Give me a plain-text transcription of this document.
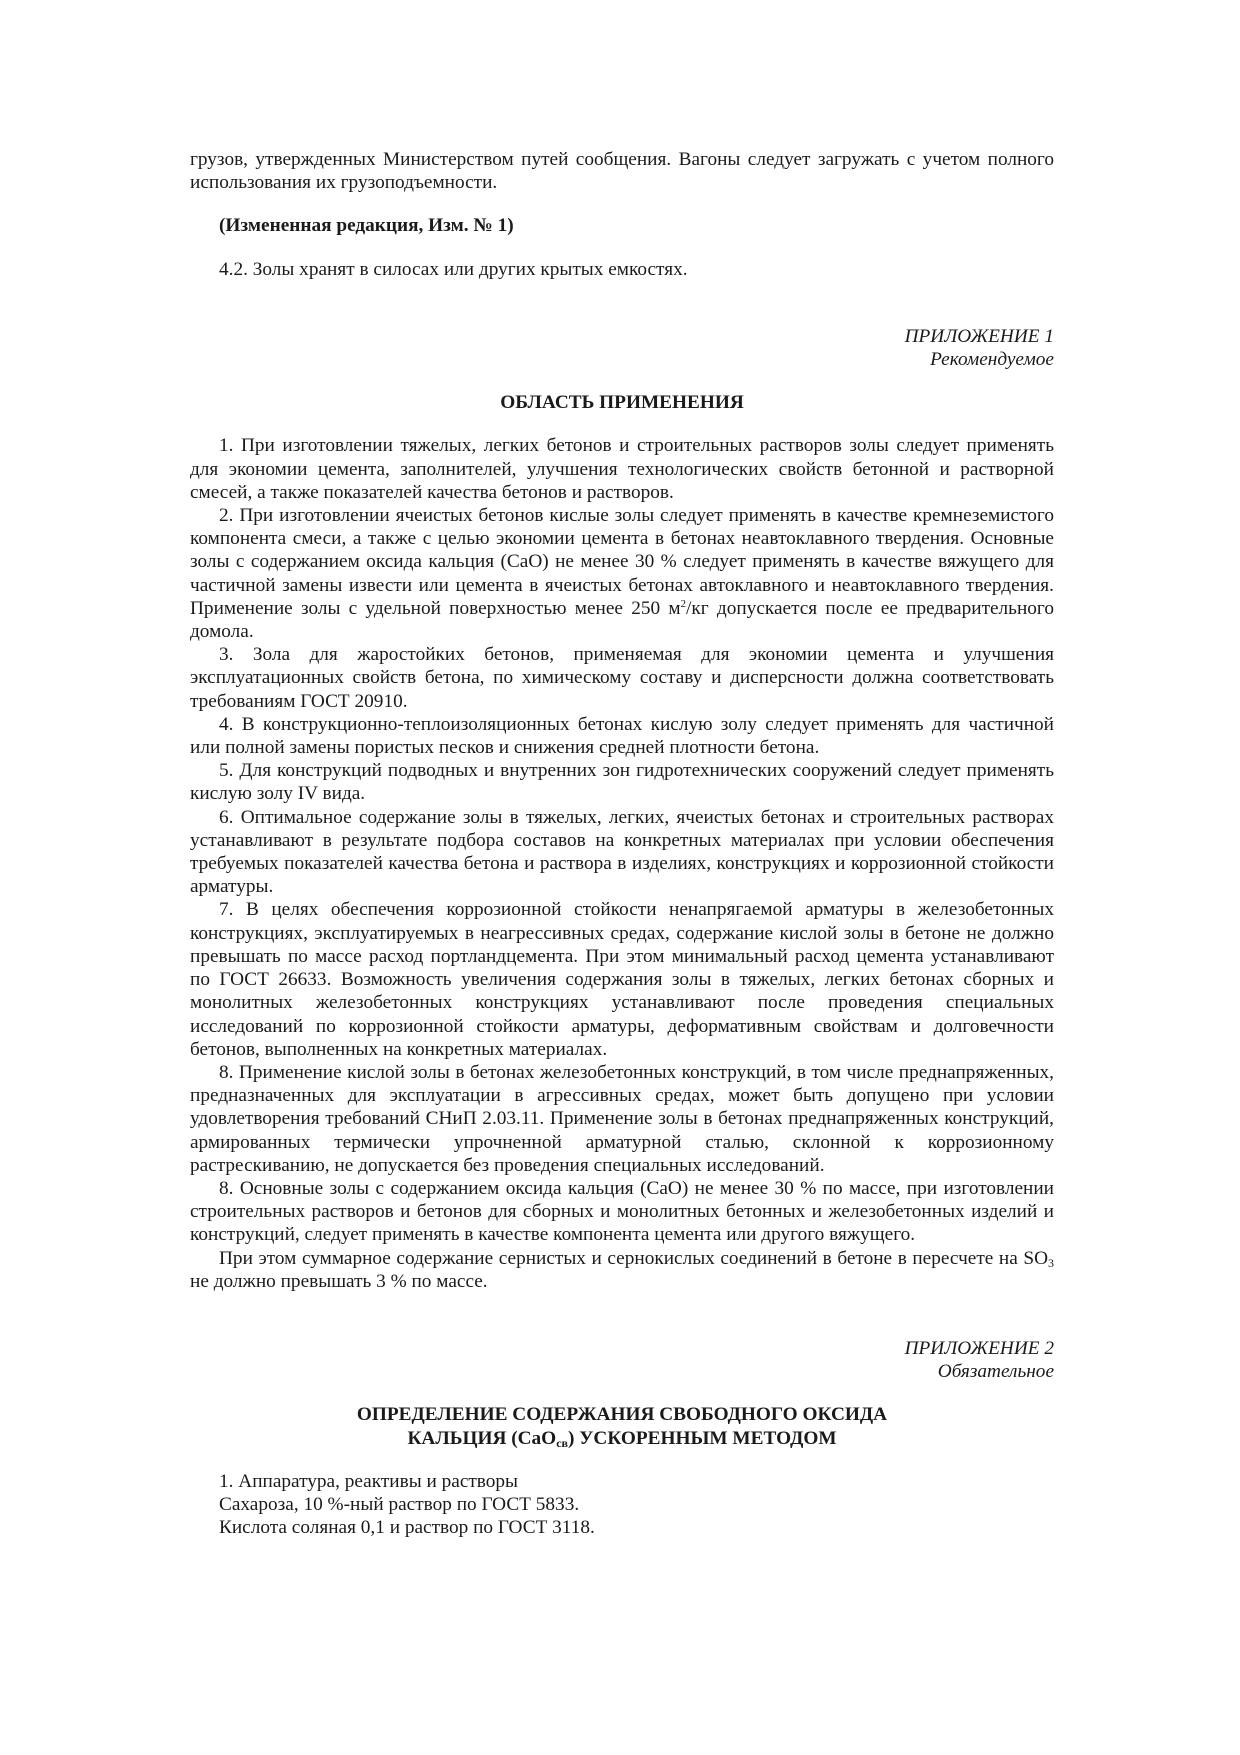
грузов, утвержденных Министерством путей сообщения. Вагоны следует загружать с учетом полного использования их грузоподъемности.

(Измененная редакция, Изм. № 1)

4.2. Золы хранят в силосах или других крытых емкостях.

ПРИЛОЖЕНИЕ 1

Рекомендуемое

ОБЛАСТЬ ПРИМЕНЕНИЯ

1. При изготовлении тяжелых, легких бетонов и строительных растворов золы следует применять для экономии цемента, заполнителей, улучшения технологических свойств бетонной и растворной смесей, а также показателей качества бетонов и растворов.

2. При изготовлении ячеистых бетонов кислые золы следует применять в качестве кремнеземистого компонента смеси, а также с целью экономии цемента в бетонах неавтоклавного твердения. Основные золы с содержанием оксида кальция (CaO) не менее 30 % следует применять в качестве вяжущего для частичной замены извести или цемента в ячеистых бетонах автоклавного и неавтоклавного твердения. Применение золы с удельной поверхностью менее 250 $м^2/кг$ допускается после ее предварительного домола.

3. Зола для жаростойких бетонов, применяемая для экономии цемента и улучшения эксплуатационных свойств бетона, по химическому составу и дисперсности должна соответствовать требованиям ГОСТ 20910.

4. В конструкционно-теплоизоляционных бетонах кислую золу следует применять для частичной или полной замены пористых песков и снижения средней плотности бетона.

5. Для конструкций подводных и внутренних зон гидротехнических сооружений следует применять кислую золу IV вида.

6. Оптимальное содержание золы в тяжелых, легких, ячеистых бетонах и строительных растворах устанавливают в результате подбора составов на конкретных материалах при условии обеспечения требуемых показателей качества бетона и раствора в изделиях, конструкциях и коррозионной стойкости арматуры.

7. В целях обеспечения коррозионной стойкости ненапрягаемой арматуры в железобетонных конструкциях, эксплуатируемых в неагрессивных средах, содержание кислой золы в бетоне не должно превышать по массе расход портландцемента. При этом минимальный расход цемента устанавливают по ГОСТ 26633. Возможность увеличения содержания золы в тяжелых, легких бетонах сборных и монолитных железобетонных конструкциях устанавливают после проведения специальных исследований по коррозионной стойкости арматуры, деформативным свойствам и долговечности бетонов, выполненных на конкретных материалах.

8. Применение кислой золы в бетонах железобетонных конструкций, в том числе преднапряженных, предназначенных для эксплуатации в агрессивных средах, может быть допущено при условии удовлетворения требований СНиП 2.03.11. Применение золы в бетонах преднапряженных конструкций, армированных термически упрочненной арматурной сталью, склонной к коррозионному растрескиванию, не допускается без проведения специальных исследований.

8. Основные золы с содержанием оксида кальция (CaO) не менее 30 % по массе, при изготовлении строительных растворов и бетонов для сборных и монолитных бетонных и железобетонных изделий и конструкций, следует применять в качестве компонента цемента или другого вяжущего.

При этом суммарное содержание сернистых и сернокислых соединений в бетоне в пересчете на $SO_3$ не должно превышать 3 % по массе.

ПРИЛОЖЕНИЕ 2

Обязательное

ОПРЕДЕЛЕНИЕ СОДЕРЖАНИЯ СВОБОДНОГО ОКСИДА

КАЛЬЦИЯ (CaO$_{св}$) УСКОРЕННЫМ МЕТОДОМ

1. Аппаратура, реактивы и растворы

Сахароза, 10 %-ный раствор по ГОСТ 5833.

Кислота соляная 0,1 и раствор по ГОСТ 3118.
